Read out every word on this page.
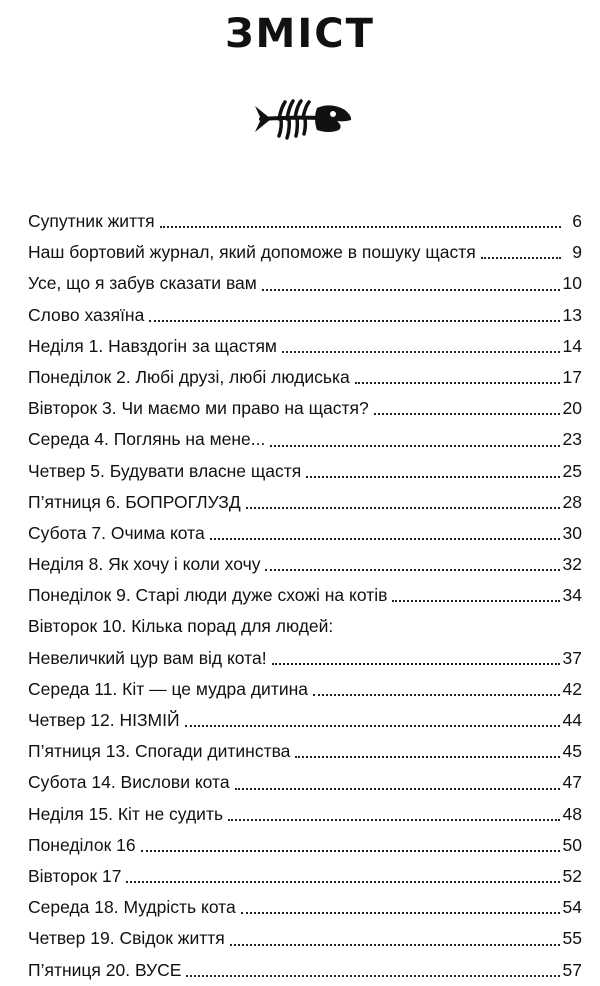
ЗМІСТ
Супутник життя	6
Наш бортовий журнал, який допоможе в пошуку щастя	9
Усе, що я забув сказати вам	10
Слово хазяїна	13
Неділя 1. Навздогін за щастям	14
Понеділок 2. Любі друзі, любі людиська	17
Вівторок 3. Чи маємо ми право на щастя?	20
Середа 4. Поглянь на мене...	23
Четвер 5. Будувати власне щастя	25
П’ятниця 6. БОПРОГЛУЗД	28
Субота 7. Очима кота	30
Неділя 8. Як хочу і коли хочу	32
Понеділок 9. Старі люди дуже схожі на котів	34
Вівторок 10. Кілька порад для людей:
Невеличкий цур вам від кота!	37
Середа 11. Кіт — це мудра дитина	42
Четвер 12. НІЗМІЙ	44
П’ятниця 13. Спогади дитинства	45
Субота 14. Вислови кота	47
Неділя 15. Кіт не судить	48
Понеділок 16	50
Вівторок 17	52
Середа 18. Мудрість кота	54
Четвер 19. Свідок життя	55
П’ятниця 20. ВУСЕ	57
